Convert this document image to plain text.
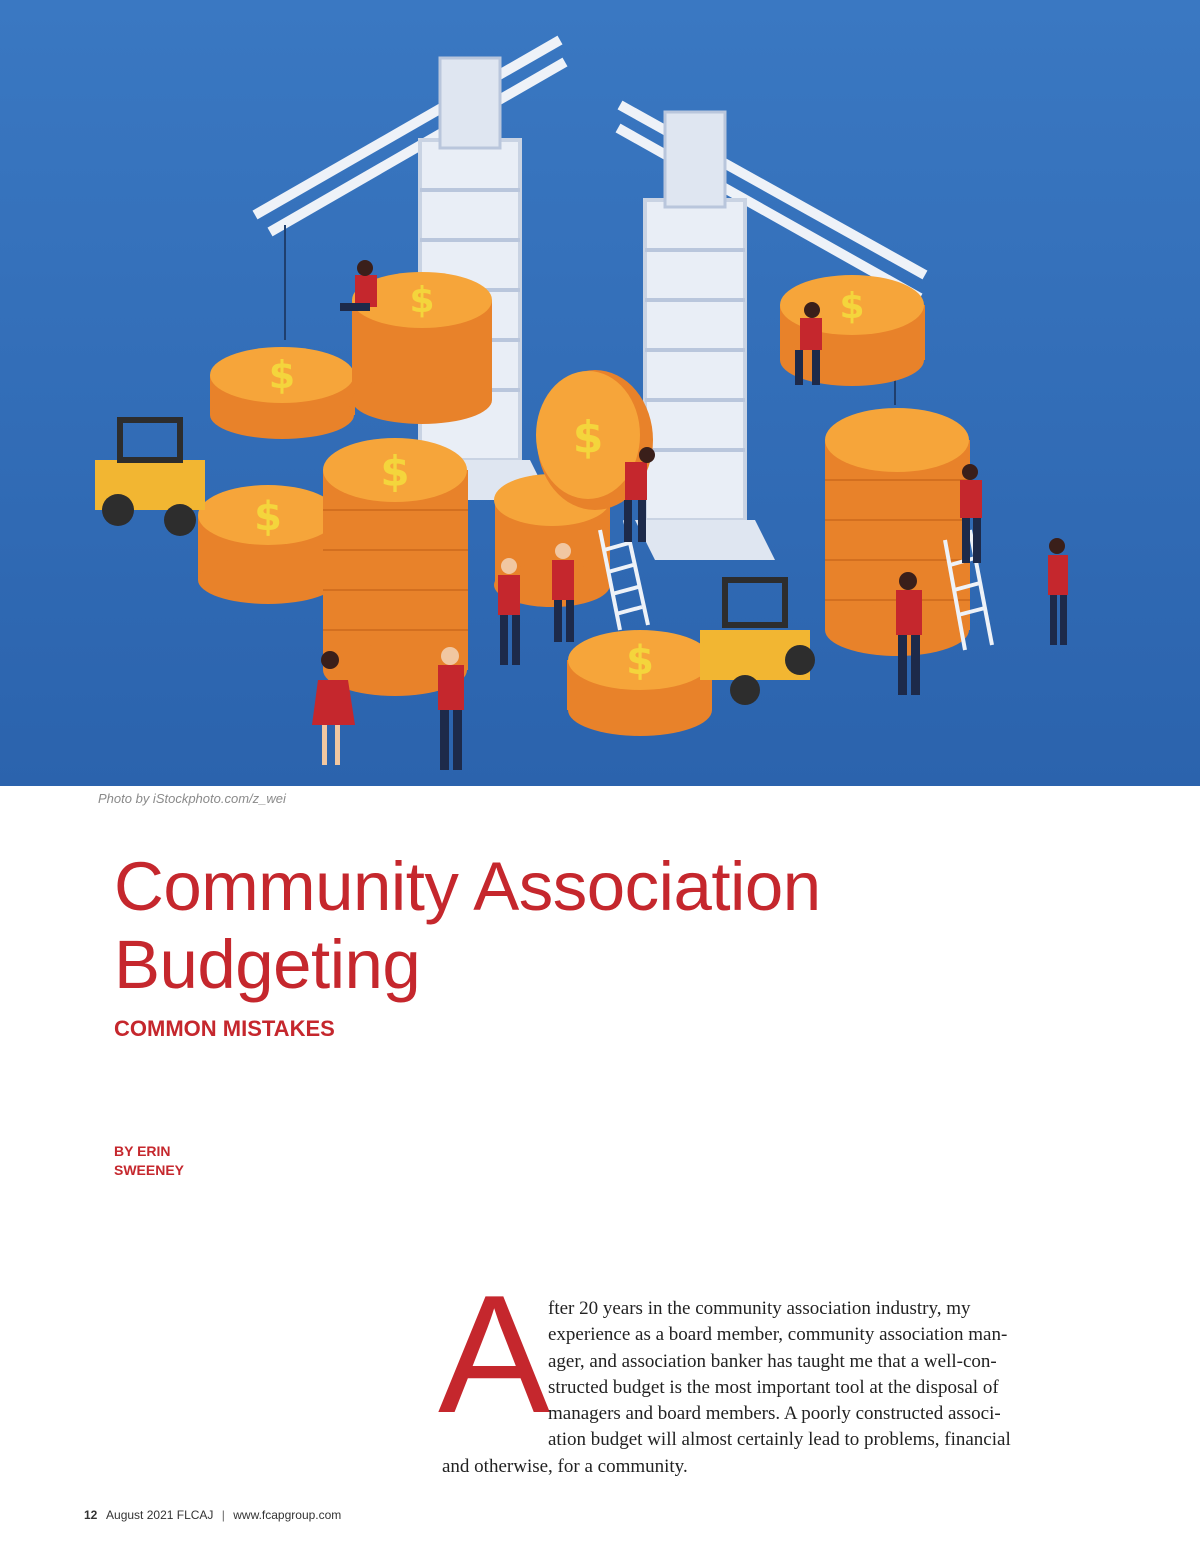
$
$	$
$
$
$
$
Photo by iStockphoto.com/z_wei
Community Association
Budgeting
COMMON MISTAKES
BY ERIN
SWEENEY
A

fter 20 years in the community association industry, my
experience as a board member, community association man-
ager, and association banker has taught me that a well-con-
structed budget is the most important tool at the disposal of
managers and board members. A poorly constructed associ-
ation budget will almost certainly lead to problems, financial
and otherwise, for a community.

12 August 2021 FLCAJ | www.fcapgroup.com
